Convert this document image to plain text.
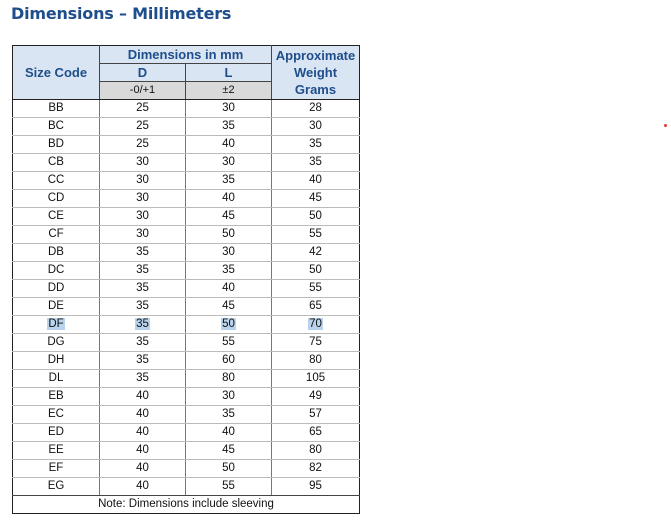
Dimensions – Millimeters
Size Code	Dimensions in mm		Approximate
Weight
Grams
	D	L	
	-0/+1	±2	
BB	25	30	28
BC	25	35	30
BD	25	40	35
CB	30	30	35
CC	30	35	40
CD	30	40	45
CE	30	45	50
CF	30	50	55
DB	35	30	42
DC	35	35	50
DD	35	40	55
DE	35	45	65
DF	35	50	70
DG	35	55	75
DH	35	60	80
DL	35	80	105
EB	40	30	49
EC	40	35	57
ED	40	40	65
EE	40	45	80
EF	40	50	82
EG	40	55	95
Note: Dimensions include sleeving			
